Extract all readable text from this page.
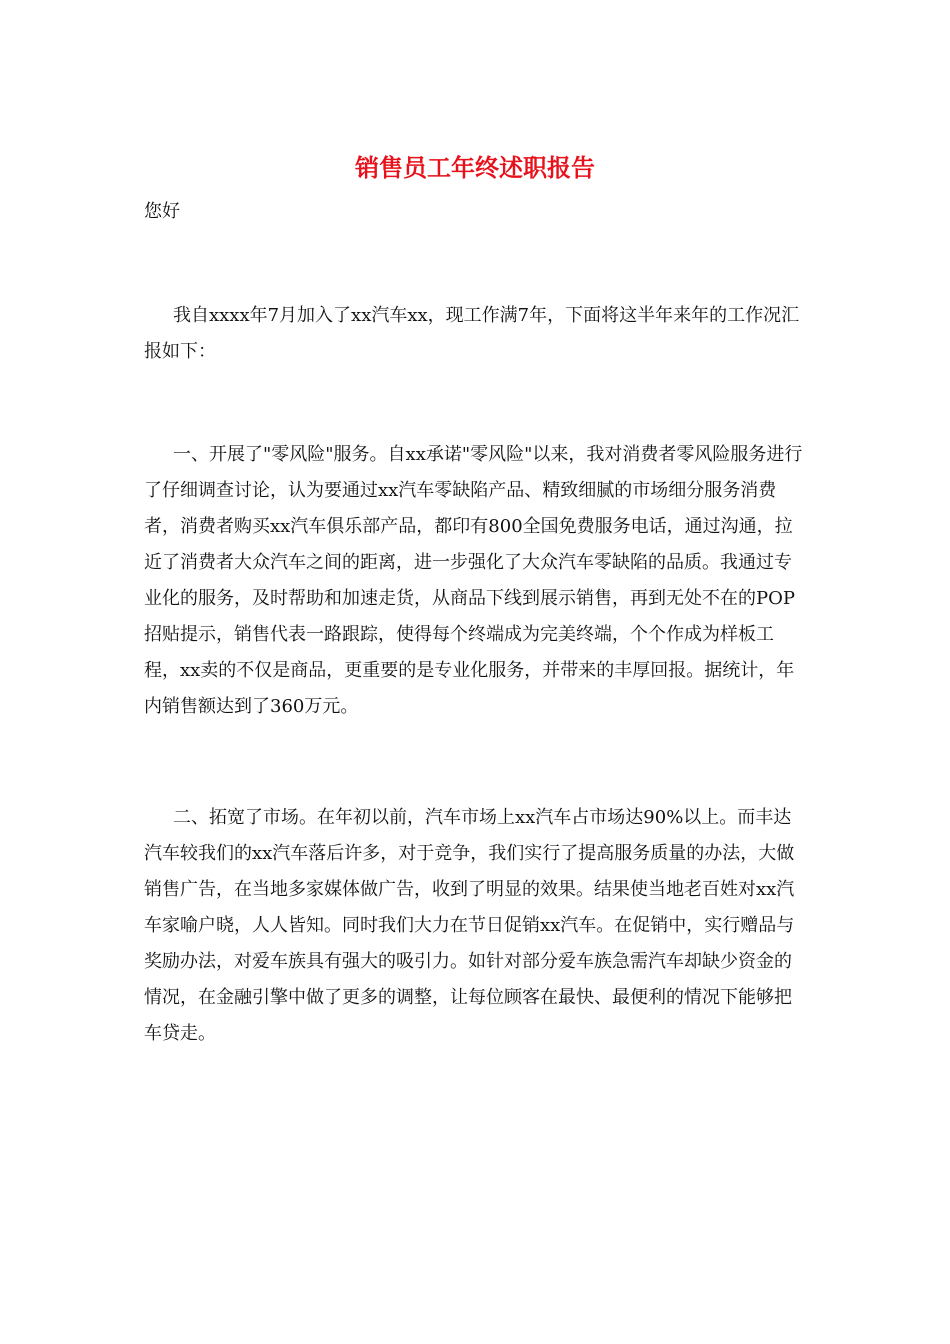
销售员工年终述职报告

您好

我自xxxx年7月加入了xx汽车xx，现工作满7年，下面将这半年来年的工作况汇报如下：

一、开展了"零风险"服务。自xx承诺"零风险"以来，我对消费者零风险服务进行了仔细调查讨论，认为要通过xx汽车零缺陷产品、精致细腻的市场细分服务消费者，消费者购买xx汽车俱乐部产品，都印有800全国免费服务电话，通过沟通，拉近了消费者大众汽车之间的距离，进一步强化了大众汽车零缺陷的品质。我通过专业化的服务，及时帮助和加速走货，从商品下线到展示销售，再到无处不在的POP招贴提示，销售代表一路跟踪，使得每个终端成为完美终端，个个作成为样板工程，xx卖的不仅是商品，更重要的是专业化服务，并带来的丰厚回报。据统计，年内销售额达到了360万元。

二、拓宽了市场。在年初以前，汽车市场上xx汽车占市场达90%以上。而丰达汽车较我们的xx汽车落后许多，对于竞争，我们实行了提高服务质量的办法，大做销售广告，在当地多家媒体做广告，收到了明显的效果。结果使当地老百姓对xx汽车家喻户晓，人人皆知。同时我们大力在节日促销xx汽车。在促销中，实行赠品与奖励办法，对爱车族具有强大的吸引力。如针对部分爱车族急需汽车却缺少资金的情况，在金融引擎中做了更多的调整，让每位顾客在最快、最便利的情况下能够把车贷走。
